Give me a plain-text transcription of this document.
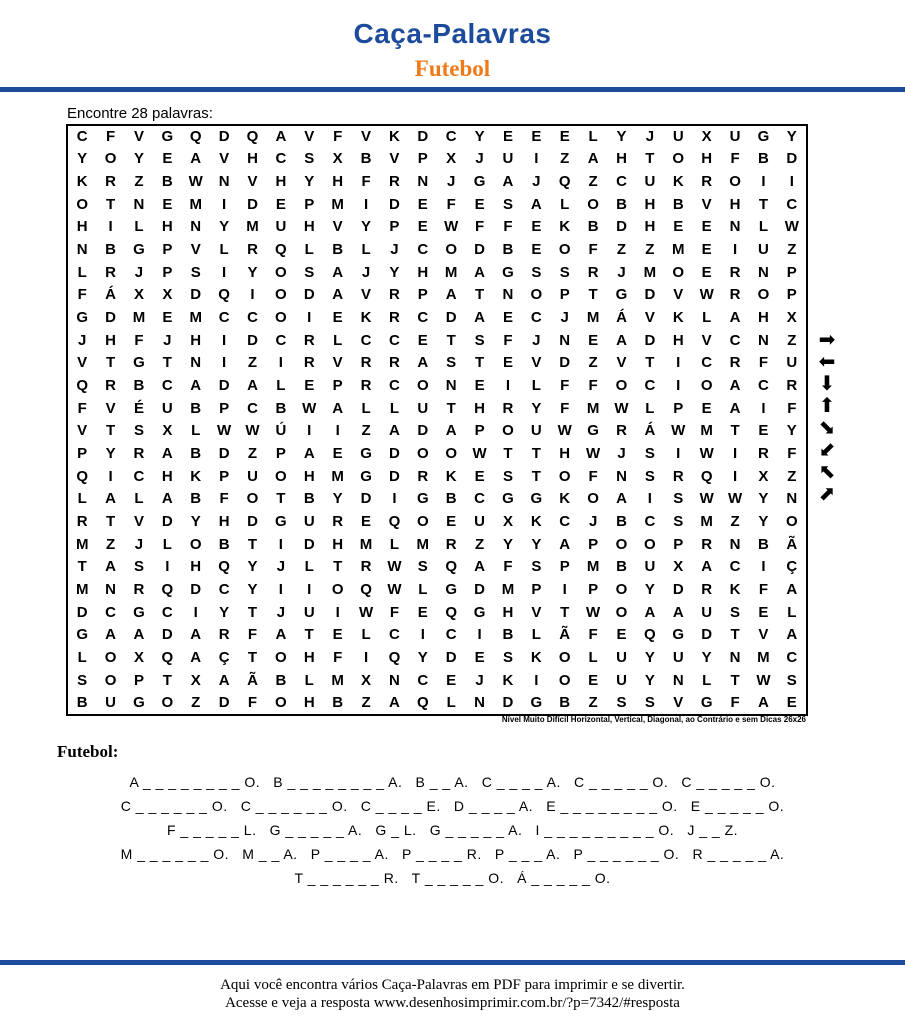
Caça-Palavras
Futebol
Encontre 28 palavras:
C	F	V	G	Q	D	Q	A	V	F	V	K	D	C	Y	E	E	E	L	Y	J	U	X	U	G	Y
Y	O	Y	E	A	V	H	C	S	X	B	V	P	X	J	U	I	Z	A	H	T	O	H	F	B	D
K	R	Z	B	W	N	V	H	Y	H	F	R	N	J	G	A	J	Q	Z	C	U	K	R	O	I	I
O	T	N	E	M	I	D	E	P	M	I	D	E	F	E	S	A	L	O	B	H	B	V	H	T	C
H	I	L	H	N	Y	M	U	H	V	Y	P	E	W	F	F	E	K	B	D	H	E	E	N	L	W
N	B	G	P	V	L	R	Q	L	B	L	J	C	O	D	B	E	O	F	Z	Z	M	E	I	U	Z
L	R	J	P	S	I	Y	O	S	A	J	Y	H	M	A	G	S	S	R	J	M	O	E	R	N	P
F	Á	X	X	D	Q	I	O	D	A	V	R	P	A	T	N	O	P	T	G	D	V	W	R	O	P
G	D	M	E	M	C	C	O	I	E	K	R	C	D	A	E	C	J	M	Á	V	K	L	A	H	X
J	H	F	J	H	I	D	C	R	L	C	C	E	T	S	F	J	N	E	A	D	H	V	C	N	Z
V	T	G	T	N	I	Z	I	R	V	R	R	A	S	T	E	V	D	Z	V	T	I	C	R	F	U
Q	R	B	C	A	D	A	L	E	P	R	C	O	N	E	I	L	F	F	O	C	I	O	A	C	R
F	V	É	U	B	P	C	B	W	A	L	L	U	T	H	R	Y	F	M	W	L	P	E	A	I	F
V	T	S	X	L	W W	Ú	I	I	Z	A	D	A	P	O	U	W	G	R	Á	W	M	T	E	Y
P	Y	R	A	B	D	Z	P	A	E	G	D	O	O	W	T	T	H	W	J	S	I	W	I	R	F
Q	I	C	H	K	P	U	O	H	M	G	D	R	K	E	S	T	O	F	N	S	R	Q	I	X	Z
L	A	L	A	B	F	O	T	B	Y	D	I	G	B	C	G	G	K	O	A	I	S	W W	Y	N
R	T	V	D	Y	H	D	G	U	R	E	Q	O	E	U	X	K	C	J	B	C	S	M	Z	Y	O
M	Z	J	L	O	B	T	I	D	H	M	L	M	R	Z	Y	Y	A	P	O	O	P	R	N	B	Ã
T	A	S	I	H	Q	Y	J	L	T	R	W	S	Q	A	F	S	P	M	B	U	X	A	C	I	Ç
M	N	R	Q	D	C	Y	I	I	O	Q	W	L	G	D	M	P	I	P	O	Y	D	R	K	F	A
D	C	G	C	I	Y	T	J	U	I	W	F	E	Q	G	H	V	T	W	O	A	A	U	S	E	L
G	A	A	D	A	R	F	A	T	E	L	C	I	C	I	B	L	Ã	F	E	Q	G	D	T	V	A
L	O	X	Q	A	Ç	T	O	H	F	I	Q	Y	D	E	S	K	O	L	U	Y	U	Y	N	M	C
S	O	P	T	X	A	Ã	B	L	M	X	N	C	E	J	K	I	O	E	U	Y	N	L	T	W	S
B	U	G	O	Z	D	F	O	H	B	Z	A	Q	L	N	D	G	B	Z	S	S	V	G	F	A	E
Nível Muito Difícil Horizontal, Vertical, Diagonal, ao Contrário e sem Dicas 26x26
➡
⬅
⬇
⬆
⬊
⬋
⬉
⬈
Futebol:
A _ _ _ _ _ _ _ _ O.   B _ _ _ _ _ _ _ _ A.   B _ _ A.   C _ _ _ _ A.   C _ _ _ _ _ O.   C _ _ _ _ _ O.
C _ _ _ _ _ _ O.   C _ _ _ _ _ _ O.   C _ _ _ _ E.   D _ _ _ _ A.   E _ _ _ _ _ _ _ _ O.   E _ _ _ _ _ O.
F _ _ _ _ _ L.   G _ _ _ _ _ A.   G _ L.   G _ _ _ _ _ A.   I _ _ _ _ _ _ _ _ _ O.   J _ _ Z.
M _ _ _ _ _ _ O.   M _ _ A.   P _ _ _ _ A.   P _ _ _ _ R.   P _ _ _ A.   P _ _ _ _ _ _ O.   R _ _ _ _ _ A.
T _ _ _ _ _ _ R.   T _ _ _ _ _ O.   Á _ _ _ _ _ O.
Aqui você encontra vários Caça-Palavras em PDF para imprimir e se divertir.
Acesse e veja a resposta www.desenhosimprimir.com.br/?p=7342/#resposta
